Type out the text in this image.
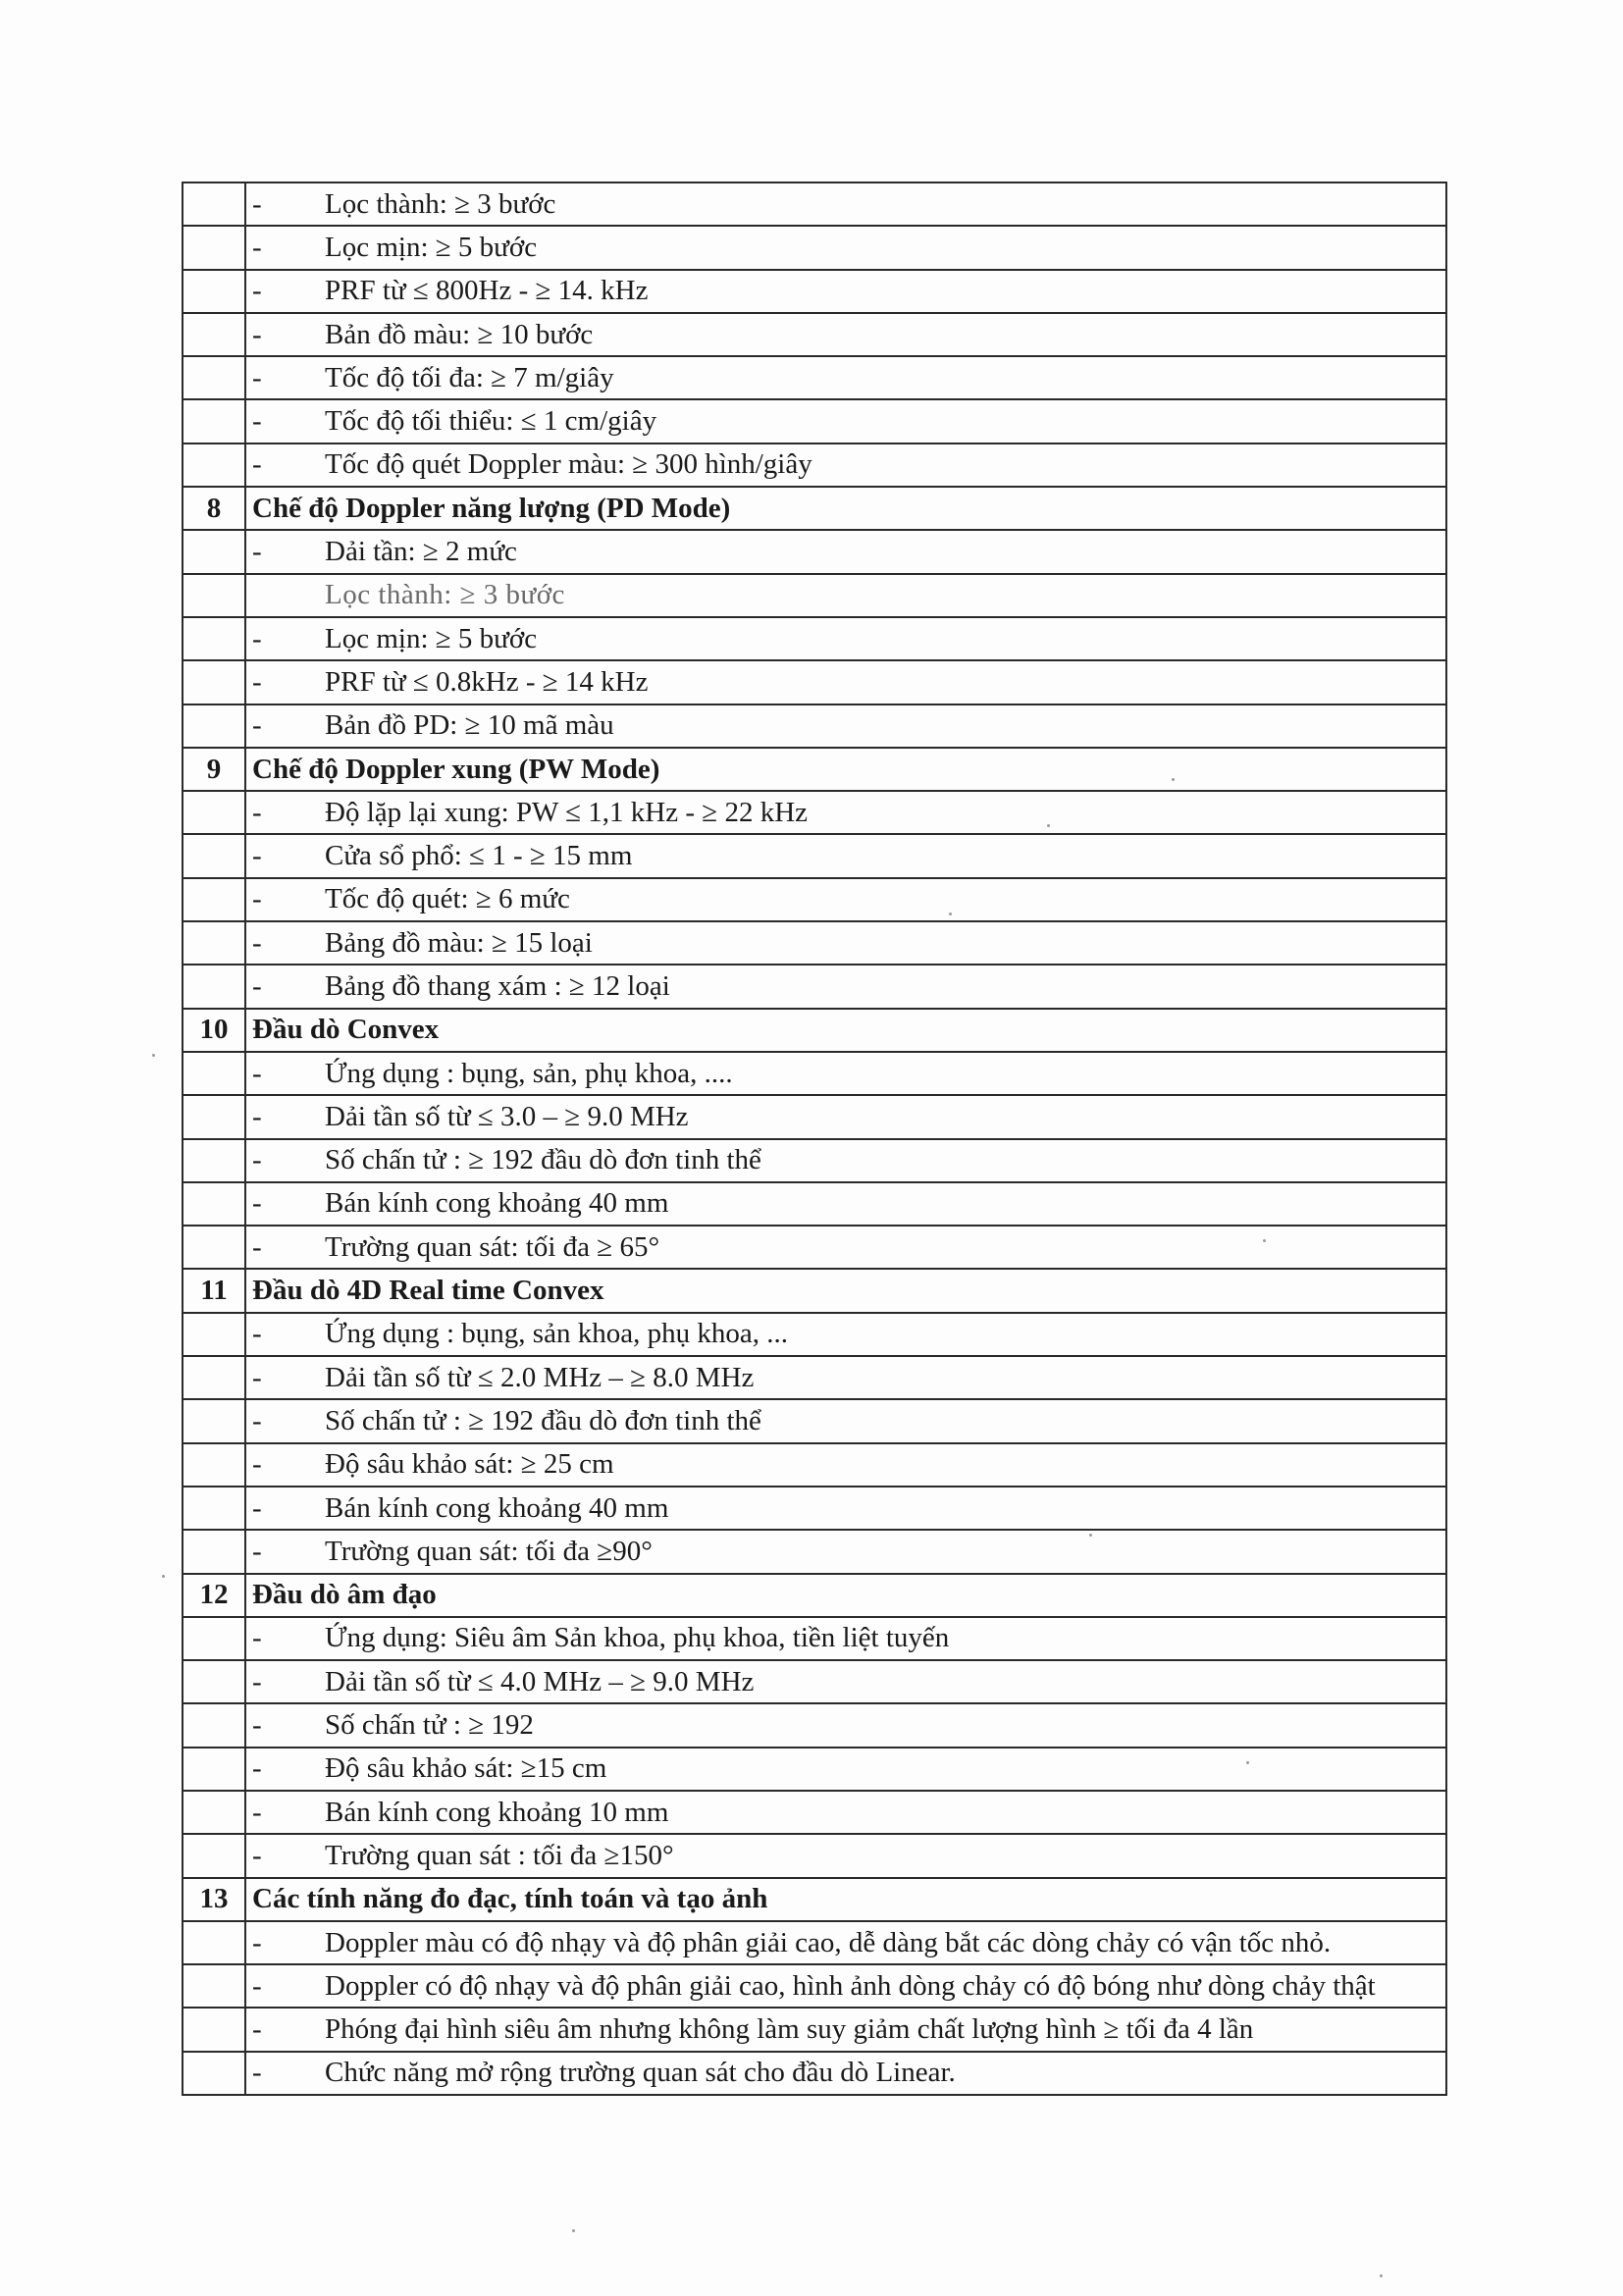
	- Lọc thành: ≥ 3 bước
	- Lọc mịn: ≥ 5 bước
	- PRF từ ≤ 800Hz - ≥ 14. kHz
	- Bản đồ màu: ≥ 10 bước
	- Tốc độ tối đa: ≥ 7 m/giây
	- Tốc độ tối thiểu: ≤ 1 cm/giây
	- Tốc độ quét Doppler màu: ≥ 300 hình/giây
8	Chế độ Doppler năng lượng (PD Mode)
	- Dải tần: ≥ 2 mức
	Lọc thành: ≥ 3 bước
	- Lọc mịn: ≥ 5 bước
	- PRF từ ≤ 0.8kHz - ≥ 14 kHz
	- Bản đồ PD: ≥ 10 mã màu
9	Chế độ Doppler xung (PW Mode)
	- Độ lặp lại xung: PW ≤ 1,1 kHz - ≥ 22 kHz
	- Cửa sổ phổ: ≤ 1 - ≥ 15 mm
	- Tốc độ quét: ≥ 6 mức
	- Bảng đồ màu: ≥ 15 loại
	- Bảng đồ thang xám : ≥ 12 loại
10	Đầu dò Convex
	- Ứng dụng : bụng, sản, phụ khoa, ....
	- Dải tần số từ ≤ 3.0 – ≥ 9.0 MHz
	- Số chấn tử : ≥ 192 đầu dò đơn tinh thể
	- Bán kính cong khoảng 40 mm
	- Trường quan sát: tối đa ≥ 65°
11	Đầu dò 4D Real time Convex
	- Ứng dụng : bụng, sản khoa, phụ khoa, ...
	- Dải tần số từ ≤ 2.0 MHz – ≥ 8.0 MHz
	- Số chấn tử : ≥ 192 đầu dò đơn tinh thể
	- Độ sâu khảo sát: ≥ 25 cm
	- Bán kính cong khoảng 40 mm
	- Trường quan sát: tối đa ≥90°
12	Đầu dò âm đạo
	- Ứng dụng: Siêu âm Sản khoa, phụ khoa, tiền liệt tuyến
	- Dải tần số từ ≤ 4.0 MHz – ≥ 9.0 MHz
	- Số chấn tử : ≥ 192
	- Độ sâu khảo sát: ≥15 cm
	- Bán kính cong khoảng 10 mm
	- Trường quan sát : tối đa ≥150°
13	Các tính năng đo đạc, tính toán và tạo ảnh
	- Doppler màu có độ nhạy và độ phân giải cao, dễ dàng bắt các dòng chảy có vận tốc nhỏ.
	- Doppler có độ nhạy và độ phân giải cao, hình ảnh dòng chảy có độ bóng như dòng chảy thật
	- Phóng đại hình siêu âm nhưng không làm suy giảm chất lượng hình ≥ tối đa 4 lần
	- Chức năng mở rộng trường quan sát cho đầu dò Linear.
